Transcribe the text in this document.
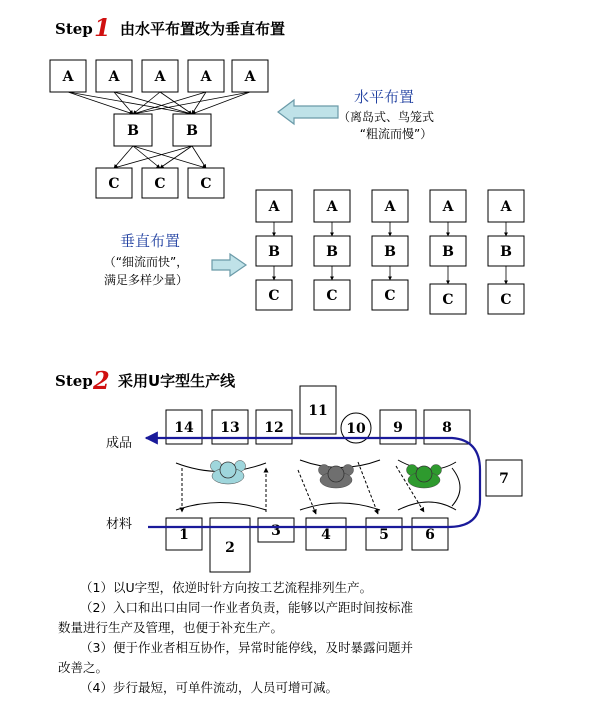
Step 1 由水平布置改为垂直布置
A	A	A	A A
B	B
C C C
水平布置
（离岛式、鸟笼式
“粗流而慢”）
垂直布置
（“细流而快”，
满足多样少量）
A
B
C
A
B
C
A
B
C
A
B
C
A
B
C
Step 2 采用U字型生产线
成品
材料
14 13 12
11
9	8
10
7
1
2
3	4	5	6
（1）以U字型，依逆时针方向按工艺流程排列生产。
（2）入口和出口由同一作业者负责，能够以产距时间按标准
数量进行生产及管理，也便于补充生产。
（3）便于作业者相互协作，异常时能停线，及时暴露问题并
改善之。
（4）步行最短，可单件流动，人员可增可减。
